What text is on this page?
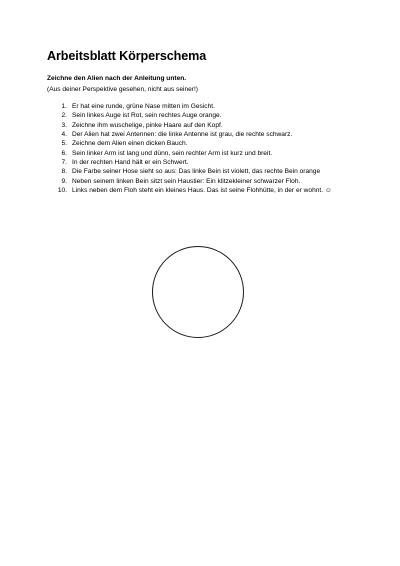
Arbeitsblatt Körperschema
Zeichne den Alien nach der Anleitung unten.
(Aus deiner Perspektive gesehen, nicht aus seiner!)
1. Er hat eine runde, grüne Nase mitten im Gesicht.
2. Sein linkes Auge ist Rot, sein rechtes Auge orange.
3. Zeichne ihm wuschelige, pinke Haare auf den Kopf.
4. Der Alien hat zwei Antennen: die linke Antenne ist grau, die rechte schwarz.
5. Zeichne dem Alien einen dicken Bauch.
6. Sein linker Arm ist lang und dünn, sein rechter Arm ist kurz und breit.
7. In der rechten Hand hält er ein Schwert.
8. Die Farbe seiner Hose sieht so aus: Das linke Bein ist violett, das rechte Bein orange
9. Neben seinem linken Bein sitzt sein Haustier: Ein klitzekleiner schwarzer Floh.
10. Links neben dem Floh steht ein kleines Haus. Das ist seine Flohhütte, in der er wohnt. ☺
